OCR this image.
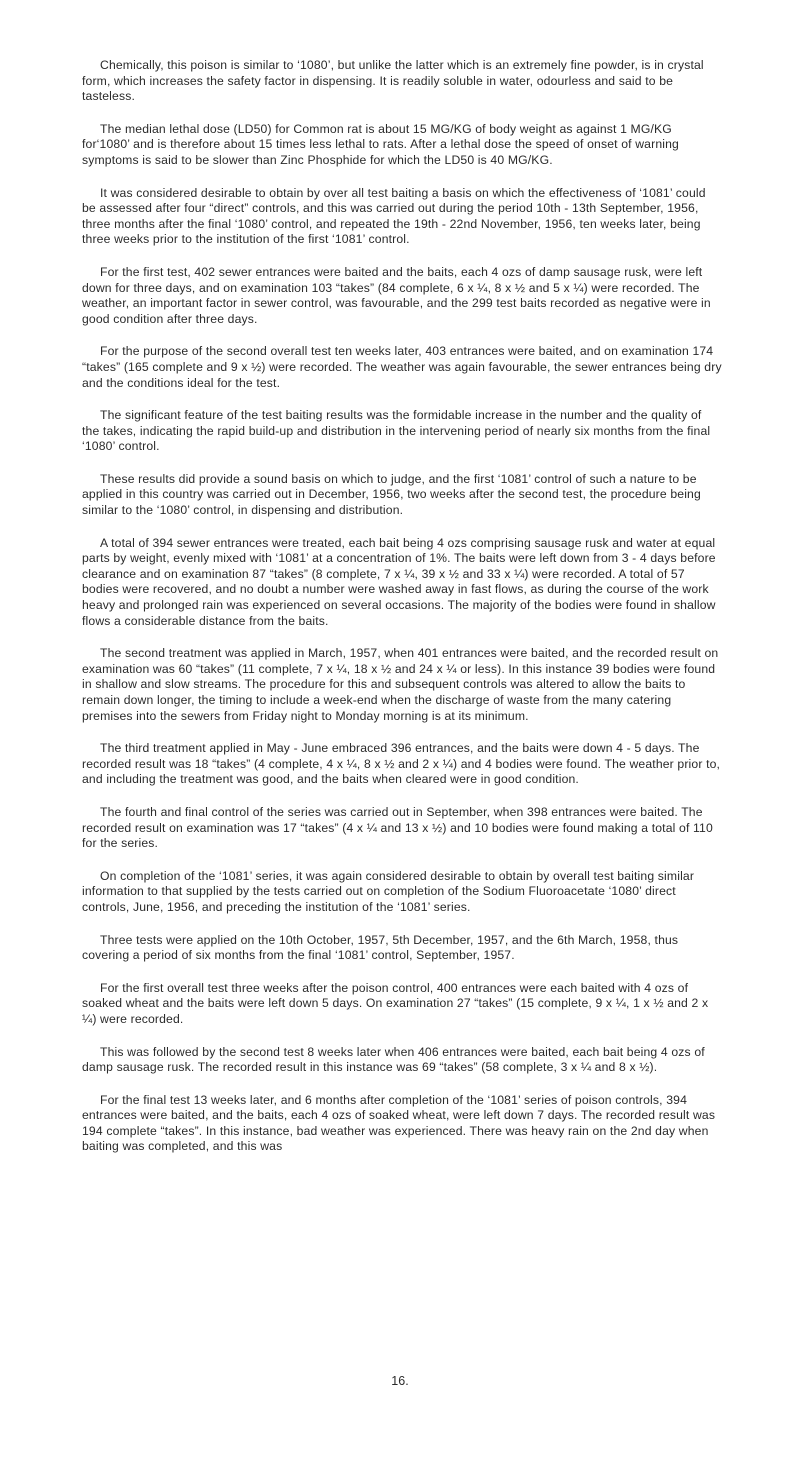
Chemically, this poison is similar to ‘1080’, but unlike the latter which is an extremely fine powder, is in crystal form, which increases the safety factor in dispensing. It is readily soluble in water, odourless and said to be tasteless.

The median lethal dose (LD50) for Common rat is about 15 MG/KG of body weight as against 1 MG/KG for‘1080’ and is therefore about 15 times less lethal to rats. After a lethal dose the speed of onset of warning symptoms is said to be slower than Zinc Phosphide for which the LD50 is 40 MG/KG.

It was considered desirable to obtain by over all test baiting a basis on which the effectiveness of ‘1081’ could be assessed after four “direct” controls, and this was carried out during the period 10th - 13th September, 1956, three months after the final ‘1080’ control, and repeated the 19th - 22nd November, 1956, ten weeks later, being three weeks prior to the institution of the first ‘1081’ control.

For the first test, 402 sewer entrances were baited and the baits, each 4 ozs of damp sausage rusk, were left down for three days, and on examination 103 “takes” (84 complete, 6 x ¼, 8 x ½ and 5 x ¼) were recorded. The weather, an important factor in sewer control, was favourable, and the 299 test baits recorded as negative were in good condition after three days.

For the purpose of the second overall test ten weeks later, 403 entrances were baited, and on examination 174 “takes” (165 complete and 9 x ½) were recorded. The weather was again favourable, the sewer entrances being dry and the conditions ideal for the test.

The significant feature of the test baiting results was the formidable increase in the number and the quality of the takes, indicating the rapid build-up and distribution in the intervening period of nearly six months from the final ‘1080’ control.

These results did provide a sound basis on which to judge, and the first ‘1081’ control of such a nature to be applied in this country was carried out in December, 1956, two weeks after the second test, the procedure being similar to the ‘1080’ control, in dispensing and distribution.

A total of 394 sewer entrances were treated, each bait being 4 ozs comprising sausage rusk and water at equal parts by weight, evenly mixed with ‘1081’ at a concentration of 1%. The baits were left down from 3 - 4 days before clearance and on examination 87 “takes” (8 complete, 7 x ¼, 39 x ½ and 33 x ¼) were recorded. A total of 57 bodies were recovered, and no doubt a number were washed away in fast flows, as during the course of the work heavy and prolonged rain was experienced on several occasions. The majority of the bodies were found in shallow flows a considerable distance from the baits.

The second treatment was applied in March, 1957, when 401 entrances were baited, and the recorded result on examination was 60 “takes” (11 complete, 7 x ¼, 18 x ½ and 24 x ¼ or less). In this instance 39 bodies were found in shallow and slow streams. The procedure for this and subsequent controls was altered to allow the baits to remain down longer, the timing to include a week-end when the discharge of waste from the many catering premises into the sewers from Friday night to Monday morning is at its minimum.

The third treatment applied in May - June embraced 396 entrances, and the baits were down 4 - 5 days. The recorded result was 18 “takes” (4 complete, 4 x ¼, 8 x ½ and 2 x ¼) and 4 bodies were found. The weather prior to, and including the treatment was good, and the baits when cleared were in good condition.

The fourth and final control of the series was carried out in September, when 398 entrances were baited. The recorded result on examination was 17 “takes” (4 x ¼ and 13 x ½) and 10 bodies were found making a total of 110 for the series.

On completion of the ‘1081’ series, it was again considered desirable to obtain by overall test baiting similar information to that supplied by the tests carried out on completion of the Sodium Fluoroacetate ‘1080’ direct controls, June, 1956, and preceding the institution of the ‘1081’ series.

Three tests were applied on the 10th October, 1957, 5th December, 1957, and the 6th March, 1958, thus covering a period of six months from the final ‘1081’ control, September, 1957.

For the first overall test three weeks after the poison control, 400 entrances were each baited with 4 ozs of soaked wheat and the baits were left down 5 days. On examination 27 “takes” (15 complete, 9 x ¼, 1 x ½ and 2 x ¼) were recorded.

This was followed by the second test 8 weeks later when 406 entrances were baited, each bait being 4 ozs of damp sausage rusk. The recorded result in this instance was 69 “takes” (58 complete, 3 x ¼ and 8 x ½).

For the final test 13 weeks later, and 6 months after completion of the ‘1081’ series of poison controls, 394 entrances were baited, and the baits, each 4 ozs of soaked wheat, were left down 7 days. The recorded result was 194 complete “takes”. In this instance, bad weather was experienced. There was heavy rain on the 2nd day when baiting was completed, and this was

16.
